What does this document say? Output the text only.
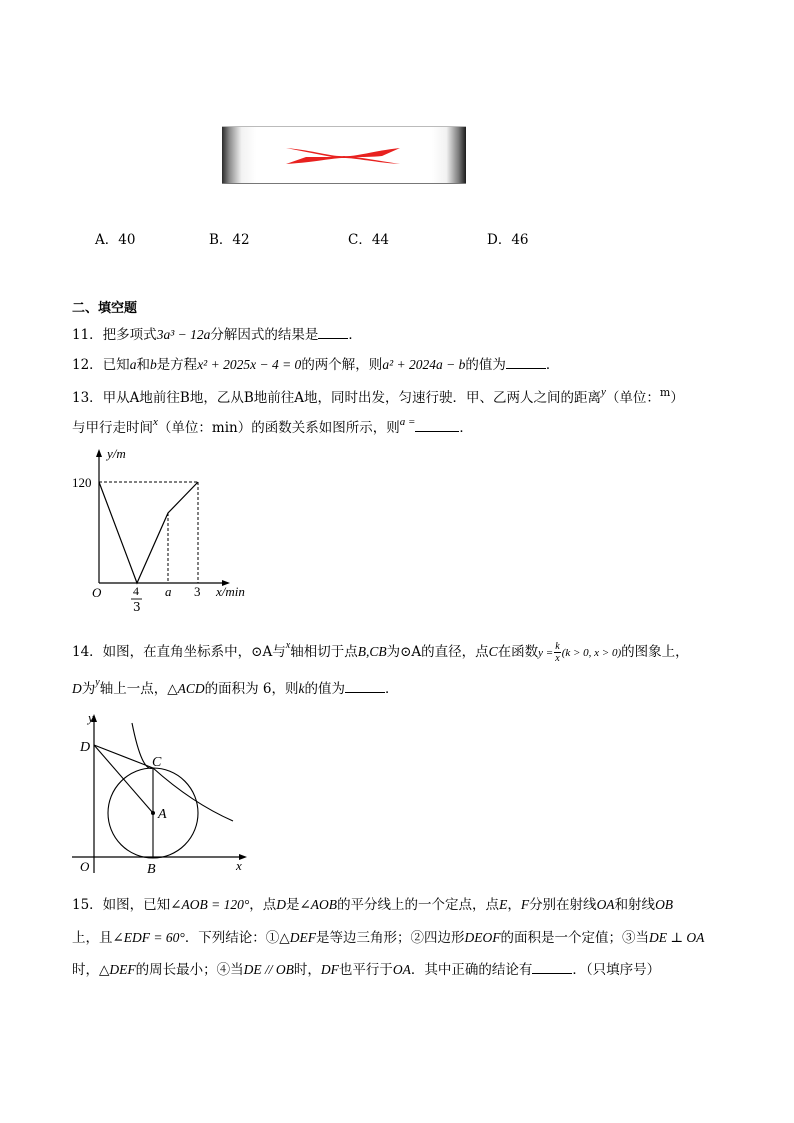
A．40	B．42	C．44	D．46
二、填空题
11．把多项式3a³ − 12a分解因式的结果是 ．
12．已知a和b是方程x² + 2025x − 4 = 0的两个解，则a² + 2024a − b的值为	．
13．甲从A地前往B地，乙从B地前往A地，同时出发，匀速行驶．甲、乙两人之间的距离$^y$（单位：$^m$）
与甲行走时间$^x$（单位：min）的函数关系如图所示，则$^{a =}$	．
y/m
x/min
O
120
4 a 3
3
14．如图，在直角坐标系中，⊙A与$^x$轴相切于点B,CB为⊙A的直径，点C在函数$y = \frac{k}{x} (k > 0$, x > 0)的图象上，
D为$^y$轴上一点，△ACD的面积为 6，则k的值为	．
y
x
O
D
C
A
B
15．如图，已知∠AOB = 120°，点D是∠AOB的平分线上的一个定点，点E，F分别在射线OA和射线OB
上，且∠EDF = 60°．下列结论：①△DEF是等边三角形；②四边形DEOF的面积是一个定值；③当DE ⊥ OA
时，△DEF的周长最小；④当DE // OB时，DF也平行于OA．其中正确的结论有	．（只填序号）
